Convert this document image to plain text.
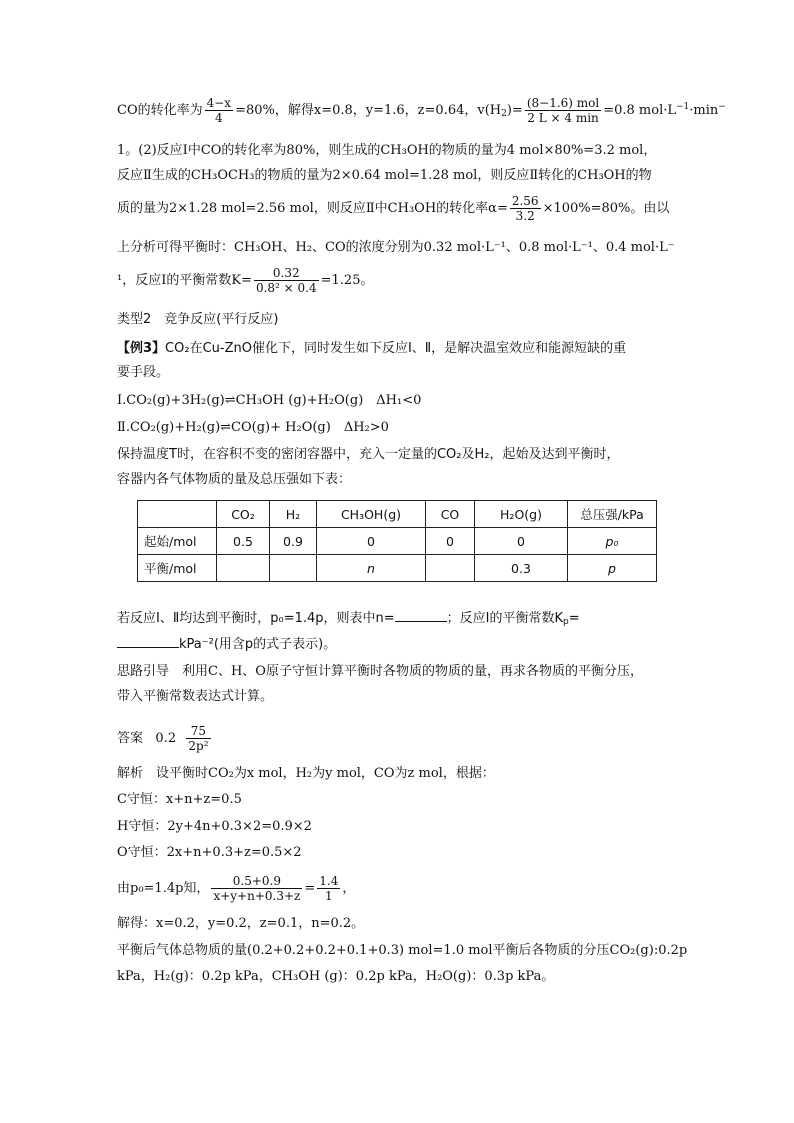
CO的转化率为 $\frac{4-x}{4} =80\%$，解得x=0.8，y=1.6，z=0.64，$v(H_2)= \frac{\text{(8−1.6) mol}}{2 L \times 4 \min} =0.8$ $mol\cdot L^{-1}\cdot\min^-$
1。(2)反应Ⅰ中CO的转化率为80%，则生成的CH₃OH的物质的量为4 mol×80%=3.2 mol，
反应Ⅱ生成的CH₃OCH₃的物质的量为2×0.64 mol=1.28 mol，则反应Ⅱ转化的CH₃OH的物
质的量为2×1.28 mol=2.56 mol，则反应Ⅱ中CH₃OH的转化率$\alpha= \frac{2.56}{3.2} \times 100\%=80\%$。由以
上分析可得平衡时：CH₃OH、H₂、CO的浓度分别为0.32 mol·L⁻¹、0.8 mol·L⁻¹、0.4 mol·L⁻
¹，反应Ⅰ的平衡常数$K= \frac{0.32}{\text{0.8² × 0.4}} =1.25$。
类型2　竞争反应(平行反应)
【例3】CO₂在Cu-ZnO催化下，同时发生如下反应Ⅰ、Ⅱ，是解决温室效应和能源短缺的重
要手段。
Ⅰ.CO₂(g)+3H₂(g)⇌CH₃OH (g)+H₂O(g)　ΔH₁<0
Ⅱ.CO₂(g)+H₂(g)⇌CO(g)+ H₂O(g)　ΔH₂>0
保持温度T时，在容积不变的密闭容器中，充入一定量的CO₂及H₂，起始及达到平衡时，
容器内各气体物质的量及总压强如下表：
	CO₂	H₂	CH₃OH(g)	CO	H₂O(g)	总压强/kPa
起始/mol	0.5	0.9	0	0	0	p₀
平衡/mol			n		0.3	p
若反应Ⅰ、Ⅱ均达到平衡时，p₀=1.4p，则表中n=	；反应Ⅰ的平衡常数$K_p=$
kPa⁻²(用含p的式子表示)。
思路引导　利用C、H、O原子守恒计算平衡时各物质的物质的量，再求各物质的平衡分压，
带入平衡常数表达式计算。
答案 $0.2 \frac{75}{\text{2p²}}$
解析　设平衡时CO₂为x mol，H₂为y mol，CO为z mol，根据：
C守恒：x+n+z=0.5
H守恒：2y+4n+0.3×2=0.9×2
O守恒：2x+n+0.3+z=0.5×2
由p₀=1.4p知， $\frac{0.5+0.9}{x+y+n+0.3+z} = \frac{1.4}{1}$ ，
解得：x=0.2，y=0.2，z=0.1，n=0.2。
平衡后气体总物质的量(0.2+0.2+0.2+0.1+0.3) mol=1.0 mol平衡后各物质的分压CO₂(g):0.2p
kPa，H₂(g)：0.2p kPa，CH₃OH (g)：0.2p kPa，H₂O(g)：0.3p kPa。
